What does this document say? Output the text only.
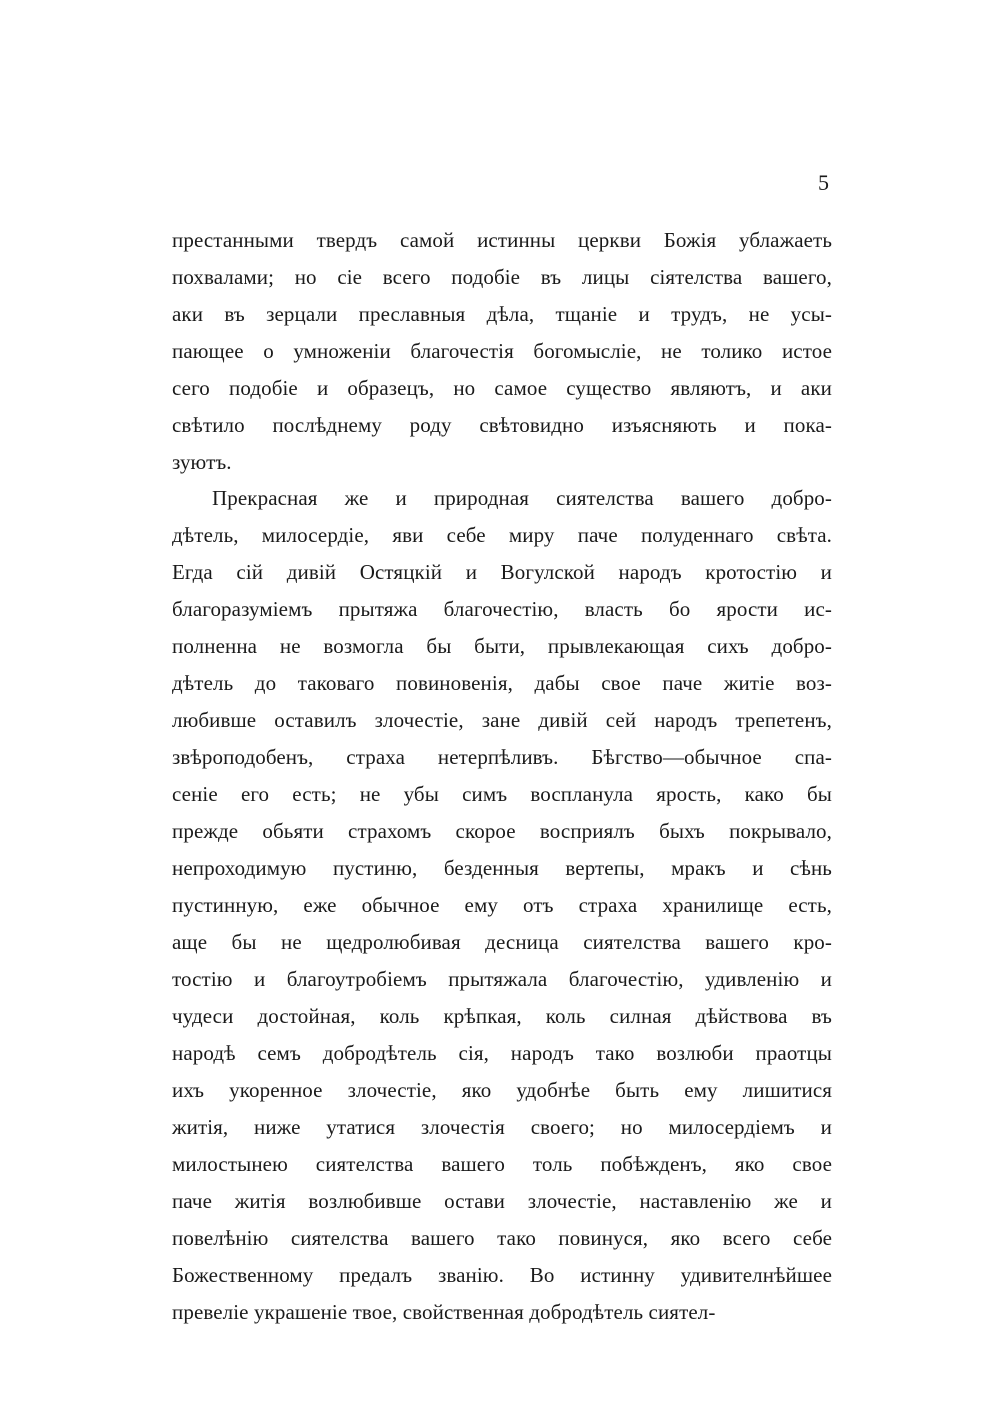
5
престанными твердъ самой истинны церкви Божія ублажаеть
похвалами; но сіе всего подобіе въ лицы сіятелства вашего,
аки въ зерцали преславныя дѣла, тщаніе и трудъ, не усы-
пающее о умноженіи благочестія богомысліе, не толико истое
сего подобіе и образецъ, но самое существо являютъ, и аки
свѣтило послѣднему роду свѣтовидно изъясняють и пока-
зуютъ.
Прекрасная же и природная сиятелства вашего добро-
дѣтель, милосердіе, яви себе миру паче полуденнаго свѣта.
Егда сій дивій Остяцкій и Вогулской народъ кротостію и
благоразуміемъ прытяжа благочестію, власть бо ярости ис-
полненна не возмогла бы быти, прывлекающая сихъ добро-
дѣтель до таковаго повиновенія, дабы свое паче житіе воз-
любивше оставилъ злочестіе, зане дивій сей народъ трепетенъ,
звѣроподобенъ, страха нетерпѣливъ. Бѣгство—обычное спа-
сеніе его есть; не убы симъ воспланула ярость, како бы
прежде обьяти страхомъ скорое восприялъ быхъ покрывало,
непроходимую пустиню, безденныя вертепы, мракъ и сѣнь
пустинную, еже обычное ему отъ страха хранилище есть,
аще бы не щедролюбивая десница сиятелства вашего кро-
тостію и благоутробіемъ прытяжала благочестію, удивленію и
чудеси достойная, коль крѣпкая, коль силная дѣйствова въ
народѣ семъ добродѣтель сія, народъ тако возлюби праотцы
ихъ укоренное злочестіе, яко удобнѣе быть ему лишитися
житія, ниже утатися злочестія своего; но милосердіемъ и
милостынею сиятелства вашего толь побѣжденъ, яко свое
паче житія возлюбивше остави злочестіе, наставленію же и
повелѣнію сиятелства вашего тако повинуся, яко всего себе
Божественному предалъ званію. Во истинну удивителнѣйшее
превеліе украшеніе твое, свойственная добродѣтель сиятел-
